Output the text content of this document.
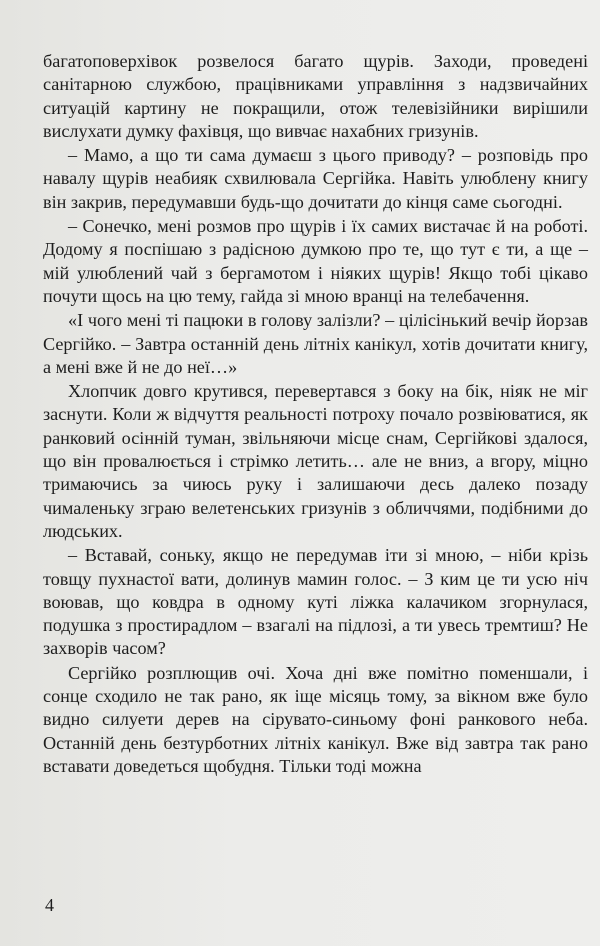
багатоповерхівок розвелося багато щурів. Заходи, проведені санітарною службою, працівниками управління з надзвичайних ситуацій картину не покращили, отож телевізійники вирішили вислухати думку фахівця, що вивчає нахабних гризунів.

– Мамо, а що ти сама думаєш з цього приводу? – розповідь про навалу щурів неабияк схвилювала Сергійка. Навіть улюблену книгу він закрив, передумавши будь-що дочитати до кінця саме сьогодні.

– Сонечко, мені розмов про щурів і їх самих вистачає й на роботі. Додому я поспішаю з радісною думкою про те, що тут є ти, а ще – мій улюблений чай з бергамотом і ніяких щурів! Якщо тобі цікаво почути щось на цю тему, гайда зі мною вранці на телебачення.

«І чого мені ті пацюки в голову залізли? – цілісінький вечір йорзав Сергійко. – Завтра останній день літніх канікул, хотів дочитати книгу, а мені вже й не до неї…»

Хлопчик довго крутився, перевертався з боку на бік, ніяк не міг заснути. Коли ж відчуття реальності потроху почало розвіюватися, як ранковий осінній туман, звільняючи місце снам, Сергійкові здалося, що він провалюється і стрімко летить… але не вниз, а вгору, міцно тримаючись за чиюсь руку і залишаючи десь далеко позаду чималеньку зграю велетенських гризунів з обличчями, подібними до людських.

– Вставай, соньку, якщо не передумав іти зі мною, – ніби крізь товщу пухнастої вати, долинув мамин голос. – З ким це ти усю ніч воював, що ковдра в одному куті ліжка калачиком згорнулася, подушка з простирадлом – взагалі на підлозі, а ти увесь тремтиш? Не захворів часом?

Сергійко розплющив очі. Хоча дні вже помітно поменшали, і сонце сходило не так рано, як іще місяць тому, за вікном вже було видно силуети дерев на сірувато-синьому фоні ранкового неба. Останній день безтурботних літніх канікул. Вже від завтра так рано вставати доведеться щобудня. Тільки тоді можна

4
